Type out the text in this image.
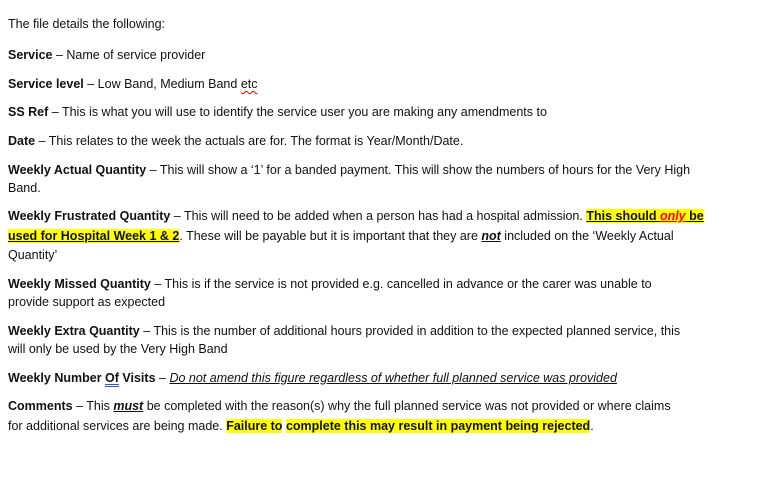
The file details the following:
Service – Name of service provider
Service level – Low Band, Medium Band etc
SS Ref – This is what you will use to identify the service user you are making any amendments to
Date – This relates to the week the actuals are for. The format is Year/Month/Date.
Weekly Actual Quantity – This will show a ‘1’ for a banded payment. This will show the numbers of hours for the Very High
Band.
Weekly Frustrated Quantity – This will need to be added when a person has had a hospital admission. This should only be
used for Hospital Week 1 & 2. These will be payable but it is important that they are not included on the ‘Weekly Actual
Quantity’
Weekly Missed Quantity – This is if the service is not provided e.g. cancelled in advance or the carer was unable to
provide support as expected
Weekly Extra Quantity – This is the number of additional hours provided in addition to the expected planned service, this
will only be used by the Very High Band
Weekly Number Of Visits – Do not amend this figure regardless of whether full planned service was provided
Comments – This must be completed with the reason(s) why the full planned service was not provided or where claims
for additional services are being made. Failure to complete this may result in payment being rejected.
